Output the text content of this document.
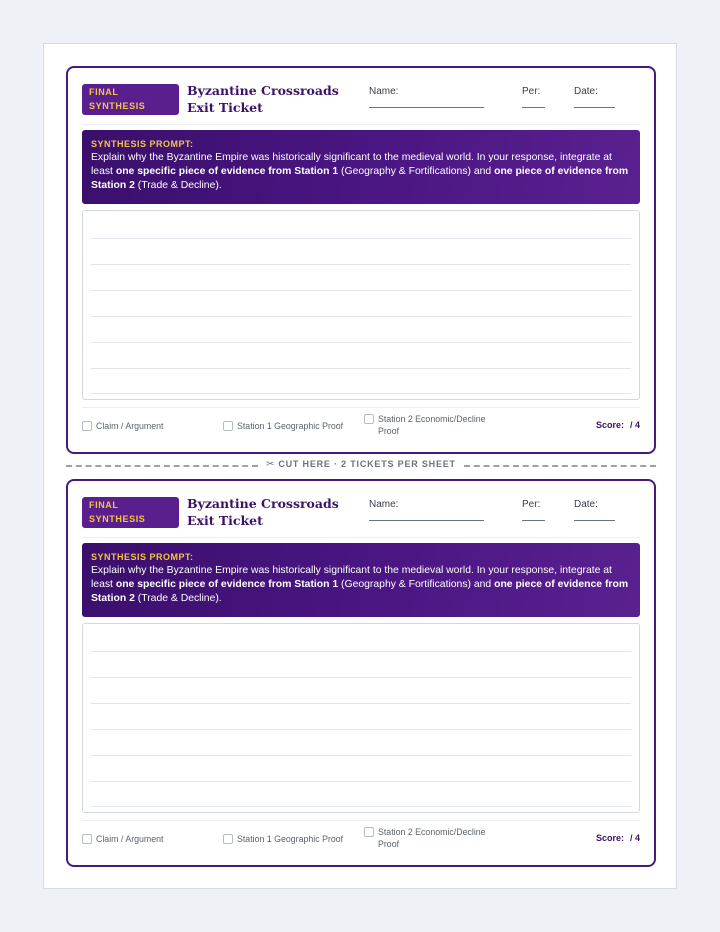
FINAL SYNTHESIS
Byzantine Crossroads Exit Ticket
Name:	Per:	Date:
SYNTHESIS PROMPT:
Explain why the Byzantine Empire was historically significant to the medieval world. In your response, integrate at least one specific piece of evidence from Station 1 (Geography & Fortifications) and one piece of evidence from Station 2 (Trade & Decline).
Claim / Argument	Station 1 Geographic Proof
Station 2 Economic/Decline Proof
Score: / 4
✂ CUT HERE · 2 TICKETS PER SHEET
FINAL SYNTHESIS
Byzantine Crossroads Exit Ticket
Name:	Per:	Date:
SYNTHESIS PROMPT:
Explain why the Byzantine Empire was historically significant to the medieval world. In your response, integrate at least one specific piece of evidence from Station 1 (Geography & Fortifications) and one piece of evidence from Station 2 (Trade & Decline).
Claim / Argument	Station 1 Geographic Proof
Station 2 Economic/Decline Proof
Score: / 4
